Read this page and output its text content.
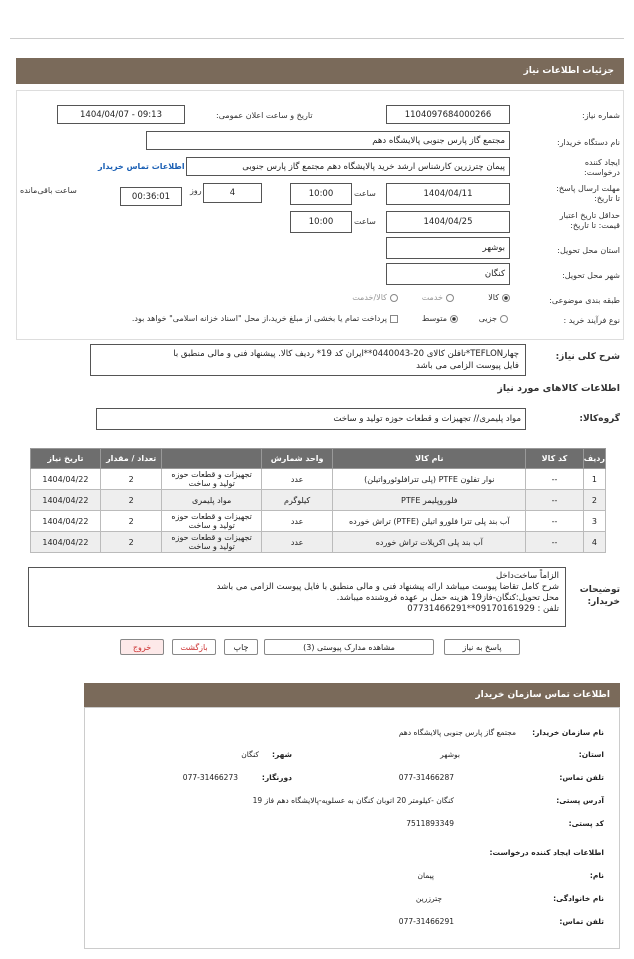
جزئیات اطلاعات نیاز
شماره نیاز:
1104097684000266
تاریخ و ساعت اعلان عمومی:
1404/04/07 - 09:13
نام دستگاه خریدار:
مجتمع گاز پارس جنوبی پالایشگاه دهم
ایجاد کننده درخواست:
پیمان چترزرین کارشناس ارشد خرید پالایشگاه دهم مجتمع گاز پارس جنوبی
اطلاعات تماس خریدار
مهلت ارسال پاسخ: تا تاریخ:
1404/04/11
ساعت
10:00
4
روز
00:36:01
ساعت باقی‌مانده
حداقل تاریخ اعتبار قیمت: تا تاریخ:
1404/04/25
ساعت
10:00
استان محل تحویل:
بوشهر
شهر محل تحویل:
کنگان
طبقه بندی موضوعی:
کالا
خدمت
کالا/خدمت
نوع فرآیند خرید :
جزیی
متوسط
پرداخت تمام یا بخشی از مبلغ خرید،از محل "اسناد خزانه اسلامی" خواهد بود.
شرح کلی نیاز:
چهارTEFLON*تافلن کالای 20-0440043**ایران کد 19* ردیف کالا. پیشنهاد فنی و مالی منطبق با
فایل پیوست الزامی می باشد
اطلاعات کالاهای مورد نیاز
گروه‌کالا:
مواد پلیمری// تجهیزات و قطعات حوزه تولید و ساخت
ردیف	کد کالا	نام کالا	واحد شمارش		تعداد / مقدار	تاریخ نیاز
1	--	نوار تفلون PTFE (پلی تترافلوئورواتیلن)	عدد	تجهیزات و قطعات حوزه تولید و ساخت	2	1404/04/22
2	--	فلوروپلیمر PTFE	کیلوگرم	مواد پلیمری	2	1404/04/22
3	--	آب بند پلی تترا فلورو اتیلن (PTFE) تراش خورده	عدد	تجهیزات و قطعات حوزه تولید و ساخت	2	1404/04/22
4	--	آب بند پلی اکریلات تراش خورده	عدد	تجهیزات و قطعات حوزه تولید و ساخت	2	1404/04/22
توضیحات خریدار:
الزاماً ساخت‌داخل
شرح کامل تقاضا پیوست میباشد ارائه پیشنهاد فنی و مالی منطبق با فایل پیوست الزامی می باشد
محل تحویل:کنگان-فاز19 هزینه حمل بر عهده فروشنده میباشد.
تلفن : 09170161929**07731466291
پاسخ به نیاز
مشاهده مدارک پیوستی (3)
چاپ
بازگشت
خروج
اطلاعات تماس سازمان خریدار
نام سازمان خریدار:
مجتمع گاز پارس جنوبی پالایشگاه دهم
استان:
بوشهر
شهر:
کنگان
تلفن تماس:
077-31466287
دورنگار:
077-31466273
آدرس پستی:
کنگان -کیلومتر 20 اتوبان کنگان به عسلویه-پالایشگاه دهم فاز 19
کد پستی:
7511893349
اطلاعات ایجاد کننده درخواست:
نام:
پیمان
نام خانوادگی:
چترزرین
تلفن تماس:
077-31466291
